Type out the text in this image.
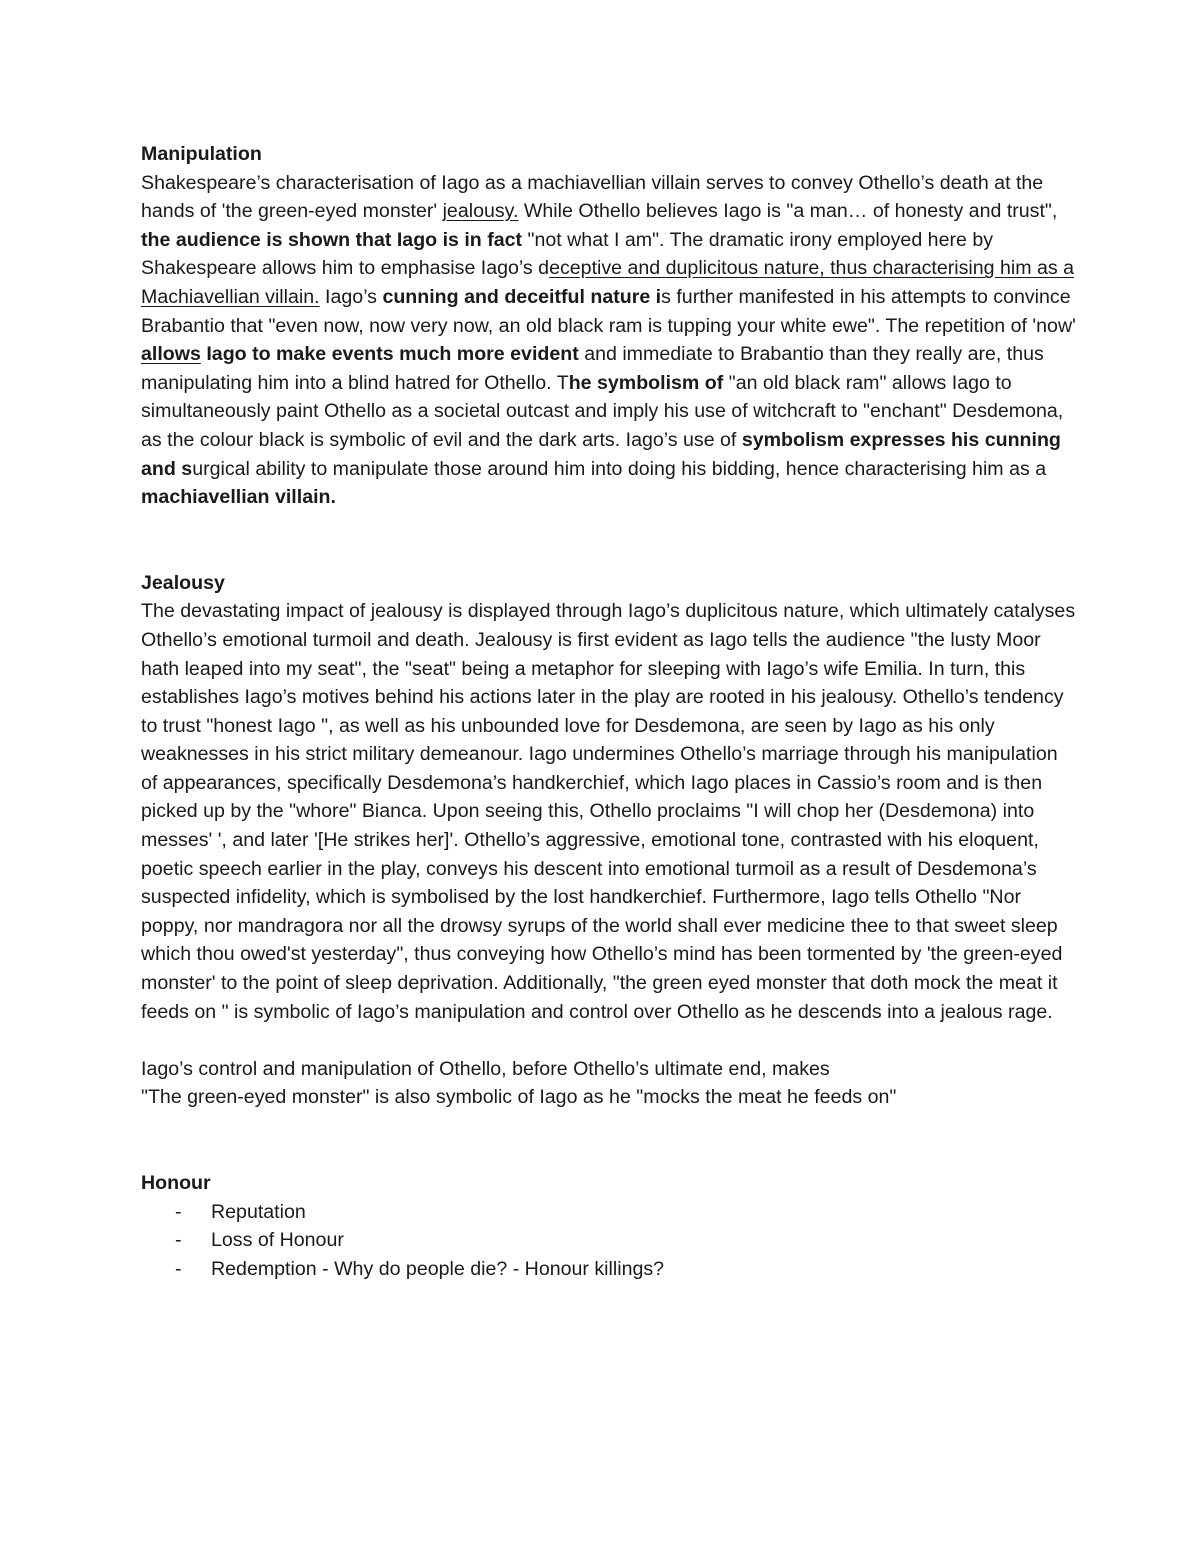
Manipulation

Shakespeare’s characterisation of Iago as a machiavellian villain serves to convey Othello’s death at the hands of 'the green-eyed monster' jealousy. While Othello believes Iago is "a man… of honesty and trust", the audience is shown that Iago is in fact "not what I am". The dramatic irony employed here by Shakespeare allows him to emphasise Iago’s deceptive and duplicitous nature, thus characterising him as a Machiavellian villain. Iago’s cunning and deceitful nature is further manifested in his attempts to convince Brabantio that "even now, now very now, an old black ram is tupping your white ewe". The repetition of 'now' allows Iago to make events much more evident and immediate to Brabantio than they really are, thus manipulating him into a blind hatred for Othello. The symbolism of "an old black ram" allows Iago to simultaneously paint Othello as a societal outcast and imply his use of witchcraft to "enchant" Desdemona, as the colour black is symbolic of evil and the dark arts. Iago’s use of symbolism expresses his cunning and surgical ability to manipulate those around him into doing his bidding, hence characterising him as a machiavellian villain.

Jealousy

The devastating impact of jealousy is displayed through Iago’s duplicitous nature, which ultimately catalyses Othello’s emotional turmoil and death. Jealousy is first evident as Iago tells the audience "the lusty Moor hath leaped into my seat", the "seat" being a metaphor for sleeping with Iago’s wife Emilia. In turn, this establishes Iago’s motives behind his actions later in the play are rooted in his jealousy. Othello’s tendency to trust "honest Iago ", as well as his unbounded love for Desdemona, are seen by Iago as his only weaknesses in his strict military demeanour. Iago undermines Othello’s marriage through his manipulation of appearances, specifically Desdemona’s handkerchief, which Iago places in Cassio’s room and is then picked up by the "whore" Bianca. Upon seeing this, Othello proclaims "I will chop her (Desdemona) into messes' ', and later '[He strikes her]'. Othello’s aggressive, emotional tone, contrasted with his eloquent, poetic speech earlier in the play, conveys his descent into emotional turmoil as a result of Desdemona’s suspected infidelity, which is symbolised by the lost handkerchief. Furthermore, Iago tells Othello "Nor poppy, nor mandragora nor all the drowsy syrups of the world shall ever medicine thee to that sweet sleep which thou owed'st yesterday", thus conveying how Othello’s mind has been tormented by 'the green-eyed monster' to the point of sleep deprivation. Additionally, "the green eyed monster that doth mock the meat it feeds on " is symbolic of Iago’s manipulation and control over Othello as he descends into a jealous rage.

Iago’s control and manipulation of Othello, before Othello’s ultimate end, makes

"The green-eyed monster" is also symbolic of Iago as he "mocks the meat he feeds on"

Honour

- Reputation
- Loss of Honour
- Redemption - Why do people die? - Honour killings?
